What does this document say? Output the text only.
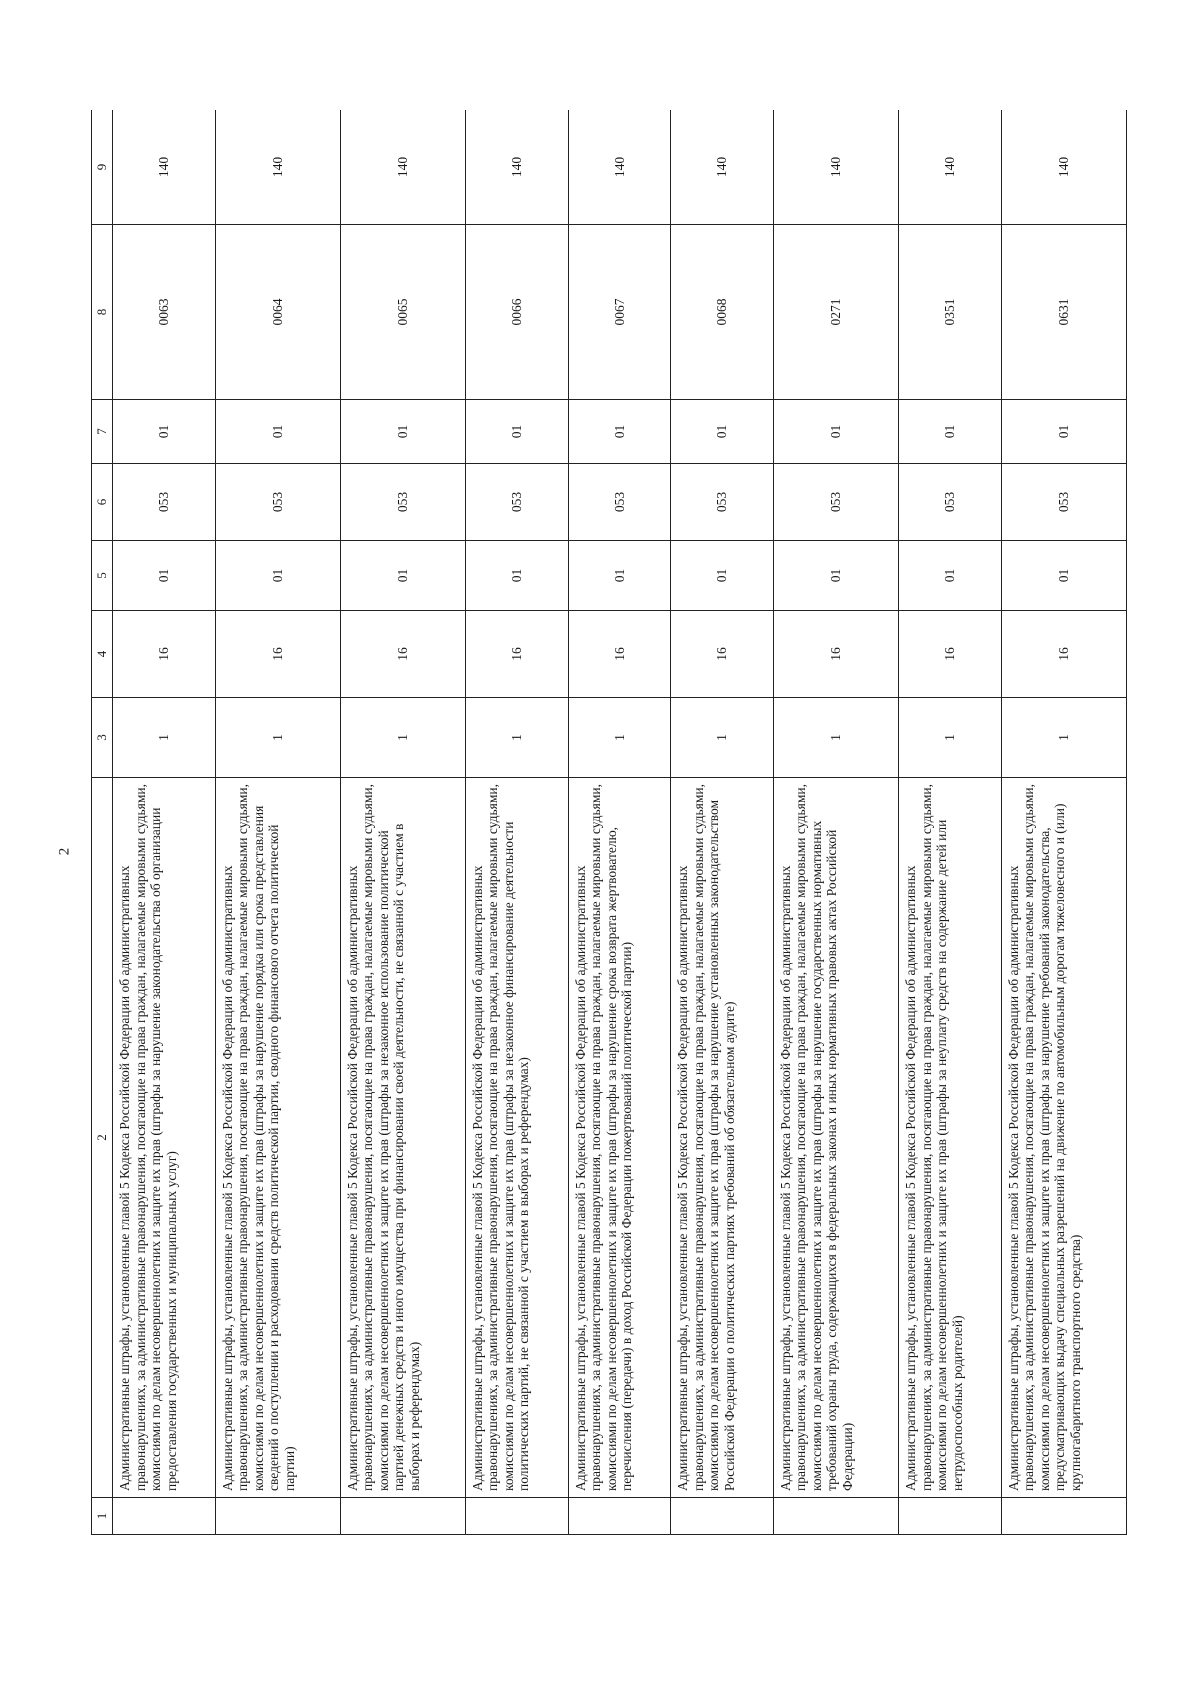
2
1	2	3	4	5	6	7	8	9
	Административные штрафы, установленные главой 5 Кодекса Российской Федерации об административных правонарушениях, за административные правонарушения, посягающие на права граждан, налагаемые мировыми судьями, комиссиями по делам несовершеннолетних и защите их прав (штрафы за нарушение законодательства об организации предоставления государственных и муниципальных услуг)	1	16	01	053	01	0063	140
	Административные штрафы, установленные главой 5 Кодекса Российской Федерации об административных правонарушениях, за административные правонарушения, посягающие на права граждан, налагаемые мировыми судьями, комиссиями по делам несовершеннолетних и защите их прав (штрафы за нарушение порядка или срока представления сведений о поступлении и расходовании средств политической партии, сводного финансового отчета политической партии)	1	16	01	053	01	0064	140
	Административные штрафы, установленные главой 5 Кодекса Российской Федерации об административных правонарушениях, за административные правонарушения, посягающие на права граждан, налагаемые мировыми судьями, комиссиями по делам несовершеннолетних и защите их прав (штрафы за незаконное использование политической партией денежных средств и иного имущества при финансировании своей деятельности, не связанной с участием в выборах и референдумах)	1	16	01	053	01	0065	140
	Административные штрафы, установленные главой 5 Кодекса Российской Федерации об административных правонарушениях, за административные правонарушения, посягающие на права граждан, налагаемые мировыми судьями, комиссиями по делам несовершеннолетних и защите их прав (штрафы за незаконное финансирование деятельности политических партий, не связанной с участием в выборах и референдумах)	1	16	01	053	01	0066	140
	Административные штрафы, установленные главой 5 Кодекса Российской Федерации об административных правонарушениях, за административные правонарушения, посягающие на права граждан, налагаемые мировыми судьями, комиссиями по делам несовершеннолетних и защите их прав (штрафы за нарушение срока возврата жертвователю, перечисления (передачи) в доход Российской Федерации пожертвований политической партии)	1	16	01	053	01	0067	140
	Административные штрафы, установленные главой 5 Кодекса Российской Федерации об административных правонарушениях, за административные правонарушения, посягающие на права граждан, налагаемые мировыми судьями, комиссиями по делам несовершеннолетних и защите их прав (штрафы за нарушение установленных законодательством Российской Федерации о политических партиях требований об обязательном аудите)	1	16	01	053	01	0068	140
	Административные штрафы, установленные главой 5 Кодекса Российской Федерации об административных правонарушениях, за административные правонарушения, посягающие на права граждан, налагаемые мировыми судьями, комиссиями по делам несовершеннолетних и защите их прав (штрафы за нарушение государственных нормативных требований охраны труда, содержащихся в федеральных законах и иных нормативных правовых актах Российской Федерации)	1	16	01	053	01	0271	140
	Административные штрафы, установленные главой 5 Кодекса Российской Федерации об административных правонарушениях, за административные правонарушения, посягающие на права граждан, налагаемые мировыми судьями, комиссиями по делам несовершеннолетних и защите их прав (штрафы за неуплату средств на содержание детей или нетрудоспособных родителей)	1	16	01	053	01	0351	140
	Административные штрафы, установленные главой 5 Кодекса Российской Федерации об административных правонарушениях, за административные правонарушения, посягающие на права граждан, налагаемые мировыми судьями, комиссиями по делам несовершеннолетних и защите их прав (штрафы за нарушение требований законодательства, предусматривающих выдачу специальных разрешений на движение по автомобильным дорогам тяжеловесного и (или) крупногабаритного транспортного средства)	1	16	01	053	01	0631	140
